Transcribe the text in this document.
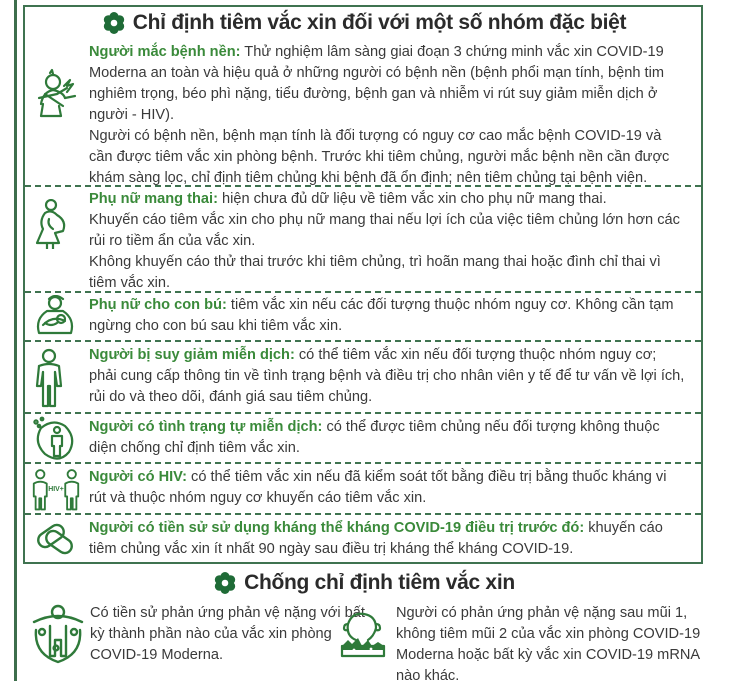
Chỉ định tiêm vắc xin đối với một số nhóm đặc biệt
Người mắc bệnh nền: Thử nghiệm lâm sàng giai đoạn 3 chứng minh vắc xin COVID-19 Moderna an toàn và hiệu quả ở những người có bệnh nền (bệnh phổi mạn tính, bệnh tim nghiêm trọng, béo phì nặng, tiểu đường, bệnh gan và nhiễm vi rút suy giảm miễn dịch ở người - HIV).
Người có bệnh nền, bệnh mạn tính là đối tượng có nguy cơ cao mắc bệnh COVID-19 và cần được tiêm vắc xin phòng bệnh. Trước khi tiêm chủng, người mắc bệnh nền cần được khám sàng lọc, chỉ định tiêm chủng khi bệnh đã ổn định; nên tiêm chủng tại bệnh viện.
Phụ nữ mang thai: hiện chưa đủ dữ liệu về tiêm vắc xin cho phụ nữ mang thai.
Khuyến cáo tiêm vắc xin cho phụ nữ mang thai nếu lợi ích của việc tiêm chủng lớn hơn các rủi ro tiềm ẩn của vắc xin.
Không khuyến cáo thử thai trước khi tiêm chủng, trì hoãn mang thai hoặc đình chỉ thai vì tiêm vắc xin.
Phụ nữ cho con bú: tiêm vắc xin nếu các đối tượng thuộc nhóm nguy cơ. Không cần tạm ngừng cho con bú sau khi tiêm vắc xin.
Người bị suy giảm miễn dịch: có thể tiêm vắc xin nếu đối tượng thuộc nhóm nguy cơ; phải cung cấp thông tin về tình trạng bệnh và điều trị cho nhân viên y tế để tư vấn về lợi ích, rủi do và theo dõi, đánh giá sau tiêm chủng.
Người có tình trạng tự miễn dịch: có thể được tiêm chủng nếu đối tượng không thuộc diện chống chỉ định tiêm vắc xin.
HIV+
Người có HIV: có thể tiêm vắc xin nếu đã kiểm soát tốt bằng điều trị bằng thuốc kháng vi rút và thuộc nhóm nguy cơ khuyến cáo tiêm vắc xin.
Người có tiền sử sử dụng kháng thể kháng COVID-19 điều trị trước đó: khuyến cáo tiêm chủng vắc xin ít nhất 90 ngày sau điều trị kháng thể kháng COVID-19.
Chống chỉ định tiêm vắc xin
Có tiền sử phản ứng phản vệ nặng với bất kỳ thành phần nào của vắc xin phòng COVID-19 Moderna.
Người có phản ứng phản vệ nặng sau mũi 1, không tiêm mũi 2 của vắc xin phòng COVID-19 Moderna hoặc bất kỳ vắc xin COVID-19 mRNA nào khác.
